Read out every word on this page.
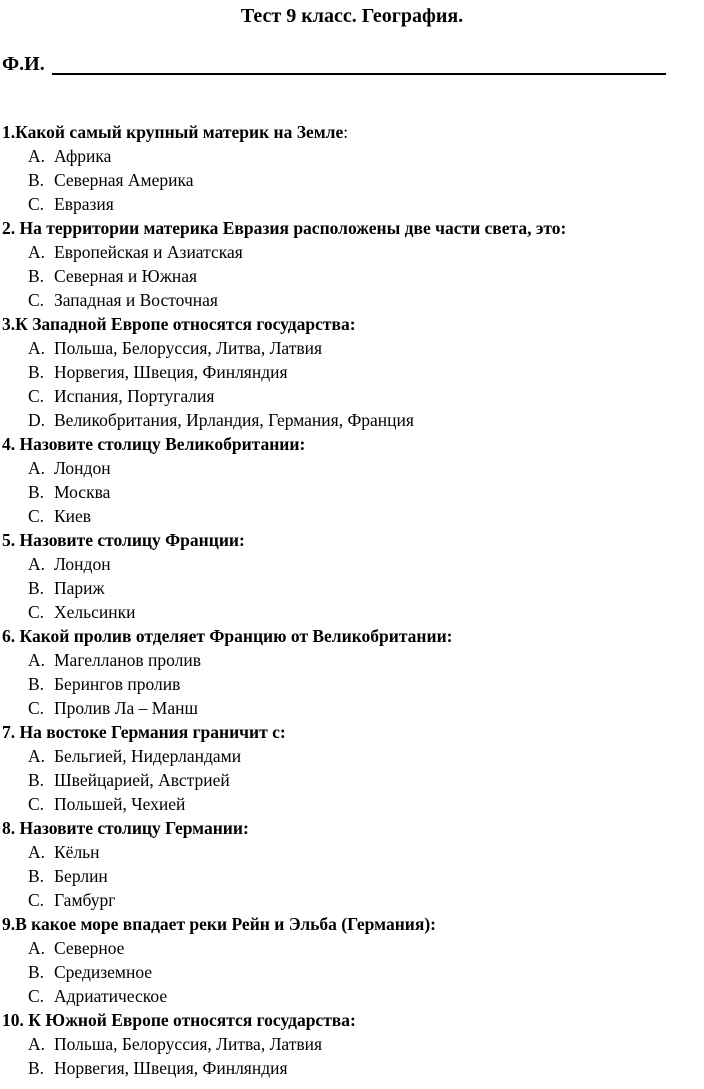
Тест 9 класс. География.
Ф.И.
1.Какой самый крупный материк на Земле:
A. Африка
B. Северная Америка
C. Евразия
2. На территории материка Евразия расположены две части света, это:
A. Европейская и Азиатская
B. Северная и Южная
C. Западная и Восточная
3.К Западной Европе относятся государства:
A. Польша, Белоруссия, Литва, Латвия
B. Норвегия, Швеция, Финляндия
C. Испания, Португалия
D. Великобритания, Ирландия, Германия, Франция
4. Назовите столицу Великобритании:
A. Лондон
B. Москва
C. Киев
5. Назовите столицу Франции:
A. Лондон
B. Париж
C. Хельсинки
6. Какой пролив отделяет Францию от Великобритании:
A. Магелланов пролив
B. Берингов пролив
C. Пролив Ла – Манш
7. На востоке Германия граничит с:
A. Бельгией, Нидерландами
B. Швейцарией, Австрией
C. Польшей, Чехией
8. Назовите столицу Германии:
A. Кёльн
B. Берлин
C. Гамбург
9.В какое море впадает реки Рейн и Эльба (Германия):
A. Северное
B. Средиземное
C. Адриатическое
10. К Южной Европе относятся государства:
A. Польша, Белоруссия, Литва, Латвия
B. Норвегия, Швеция, Финляндия
